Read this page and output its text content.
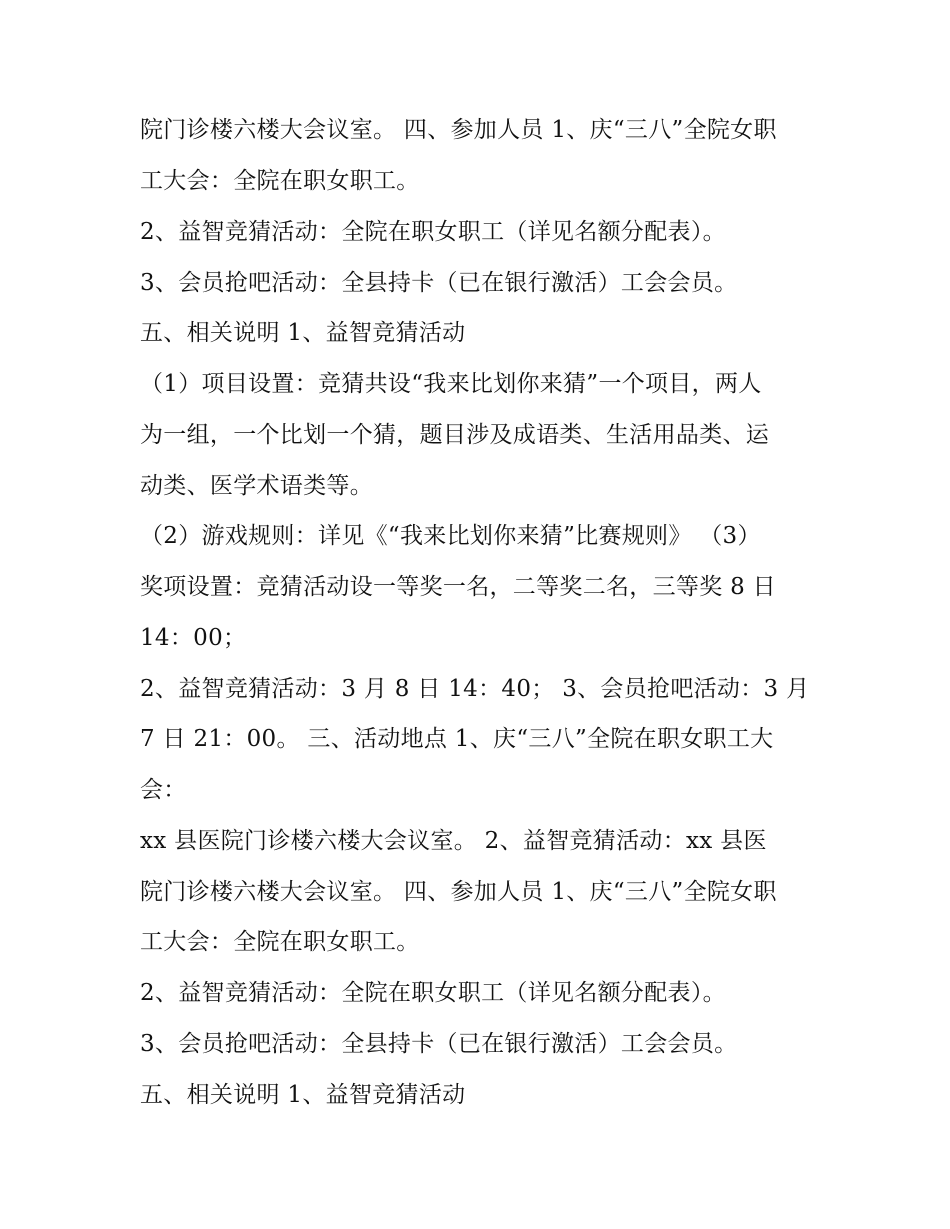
院门诊楼六楼大会议室。 四、参加人员 1、庆“三八”全院女职
工大会：全院在职女职工。
2、益智竞猜活动：全院在职女职工（详见名额分配表）。
3、会员抢吧活动：全县持卡（已在银行激活）工会会员。
五、相关说明 1、益智竞猜活动
（1）项目设置：竞猜共设“我来比划你来猜”一个项目，两人
为一组，一个比划一个猜，题目涉及成语类、生活用品类、运
动类、医学术语类等。
（2）游戏规则：详见《“我来比划你来猜”比赛规则》 （3）
奖项设置：竞猜活动设一等奖一名，二等奖二名，三等奖 8 日
14：00；
2、益智竞猜活动：3 月 8 日 14：40； 3、会员抢吧活动：3 月
7 日 21：00。 三、活动地点 1、庆“三八”全院在职女职工大
会：
xx 县医院门诊楼六楼大会议室。 2、益智竞猜活动：xx 县医
院门诊楼六楼大会议室。 四、参加人员 1、庆“三八”全院女职
工大会：全院在职女职工。
2、益智竞猜活动：全院在职女职工（详见名额分配表）。
3、会员抢吧活动：全县持卡（已在银行激活）工会会员。
五、相关说明 1、益智竞猜活动
